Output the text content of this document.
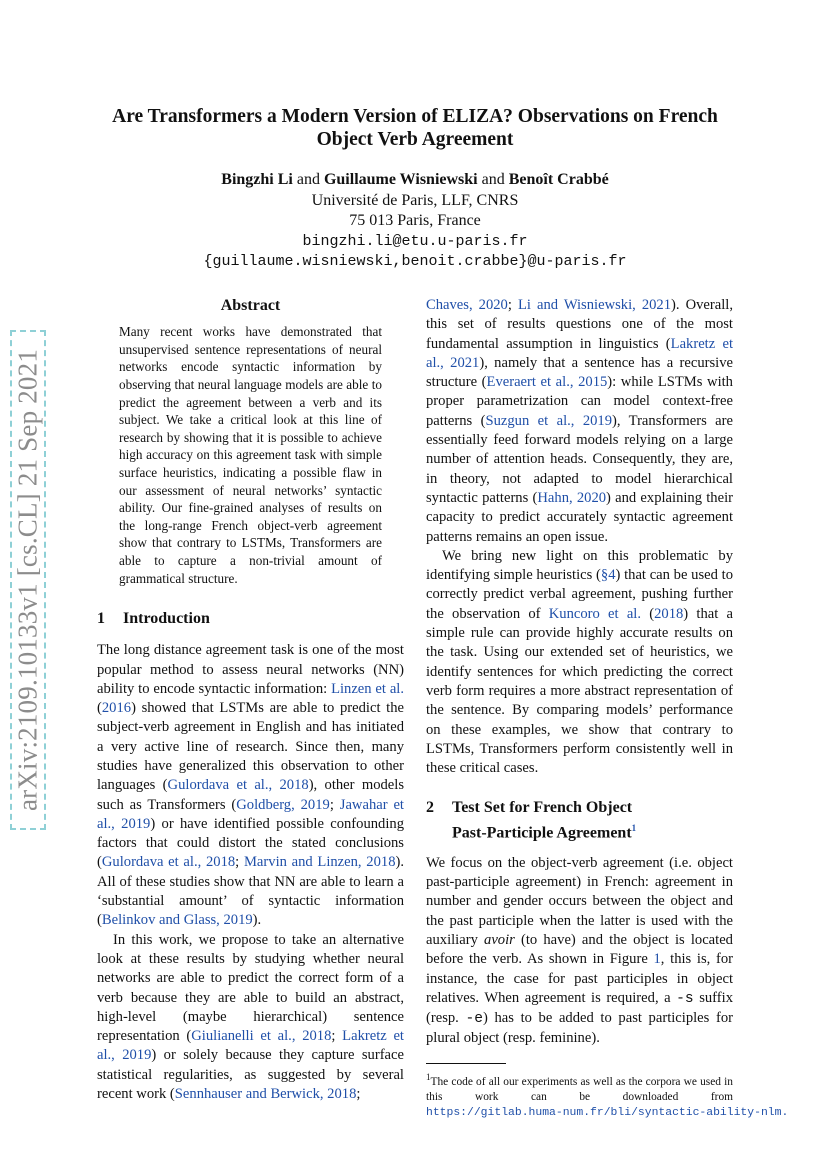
arXiv:2109.10133v1 [cs.CL] 21 Sep 2021
Are Transformers a Modern Version of ELIZA? Observations on French
Object Verb Agreement
Bingzhi Li and Guillaume Wisniewski and Benoît Crabbé
Université de Paris, LLF, CNRS
75 013 Paris, France
bingzhi.li@etu.u-paris.fr
{guillaume.wisniewski,benoit.crabbe}@u-paris.fr
Abstract

Many recent works have demonstrated that unsupervised sentence representations of neural networks encode syntactic information by observing that neural language models are able to predict the agreement between a verb and its subject. We take a critical look at this line of research by showing that it is possible to achieve high accuracy on this agreement task with simple surface heuristics, indicating a possible flaw in our assessment of neural networks’ syntactic ability. Our fine-grained analyses of results on the long-range French object-verb agreement show that contrary to LSTMs, Transformers are able to capture a non-trivial amount of grammatical structure.

1	Introduction

The long distance agreement task is one of the most popular method to assess neural networks (NN) ability to encode syntactic information: Linzen et al. (2016) showed that LSTMs are able to predict the subject-verb agreement in English and has initiated a very active line of research. Since then, many studies have generalized this observation to other languages (Gulordava et al., 2018), other models such as Transformers (Goldberg, 2019; Jawahar et al., 2019) or have identified possible confounding factors that could distort the stated conclusions (Gulordava et al., 2018; Marvin and Linzen, 2018). All of these studies show that NN are able to learn a ‘substantial amount’ of syntactic information (Belinkov and Glass, 2019).

In this work, we propose to take an alternative look at these results by studying whether neural networks are able to predict the correct form of a verb because they are able to build an abstract, high-level (maybe hierarchical) sentence representation (Giulianelli et al., 2018; Lakretz et al., 2019) or solely because they capture surface statistical regularities, as suggested by several recent work (Sennhauser and Berwick, 2018;

Chaves, 2020; Li and Wisniewski, 2021). Overall, this set of results questions one of the most fundamental assumption in linguistics (Lakretz et al., 2021), namely that a sentence has a recursive structure (Everaert et al., 2015): while LSTMs with proper parametrization can model context-free patterns (Suzgun et al., 2019), Transformers are essentially feed forward models relying on a large number of attention heads. Consequently, they are, in theory, not adapted to model hierarchical syntactic patterns (Hahn, 2020) and explaining their capacity to predict accurately syntactic agreement patterns remains an open issue.

We bring new light on this problematic by identifying simple heuristics (§4) that can be used to correctly predict verbal agreement, pushing further the observation of Kuncoro et al. (2018) that a simple rule can provide highly accurate results on the task. Using our extended set of heuristics, we identify sentences for which predicting the correct verb form requires a more abstract representation of the sentence. By comparing models’ performance on these examples, we show that contrary to LSTMs, Transformers perform consistently well in these critical cases.

2	Test Set for French Object
Past-Participle Agreement$^1$

We focus on the object-verb agreement (i.e. object past-participle agreement) in French: agreement in number and gender occurs between the object and the past participle when the latter is used with the auxiliary avoir (to have) and the object is located before the verb. As shown in Figure 1, this is, for instance, the case for past participles in object relatives. When agreement is required, a -s suffix (resp. -e) has to be added to past participles for plural object (resp. feminine).

$^1$The code of all our experiments as well as the corpora we used in this work can be downloaded from https://gitlab.huma-num.fr/bli/syntactic-ability-nlm.
